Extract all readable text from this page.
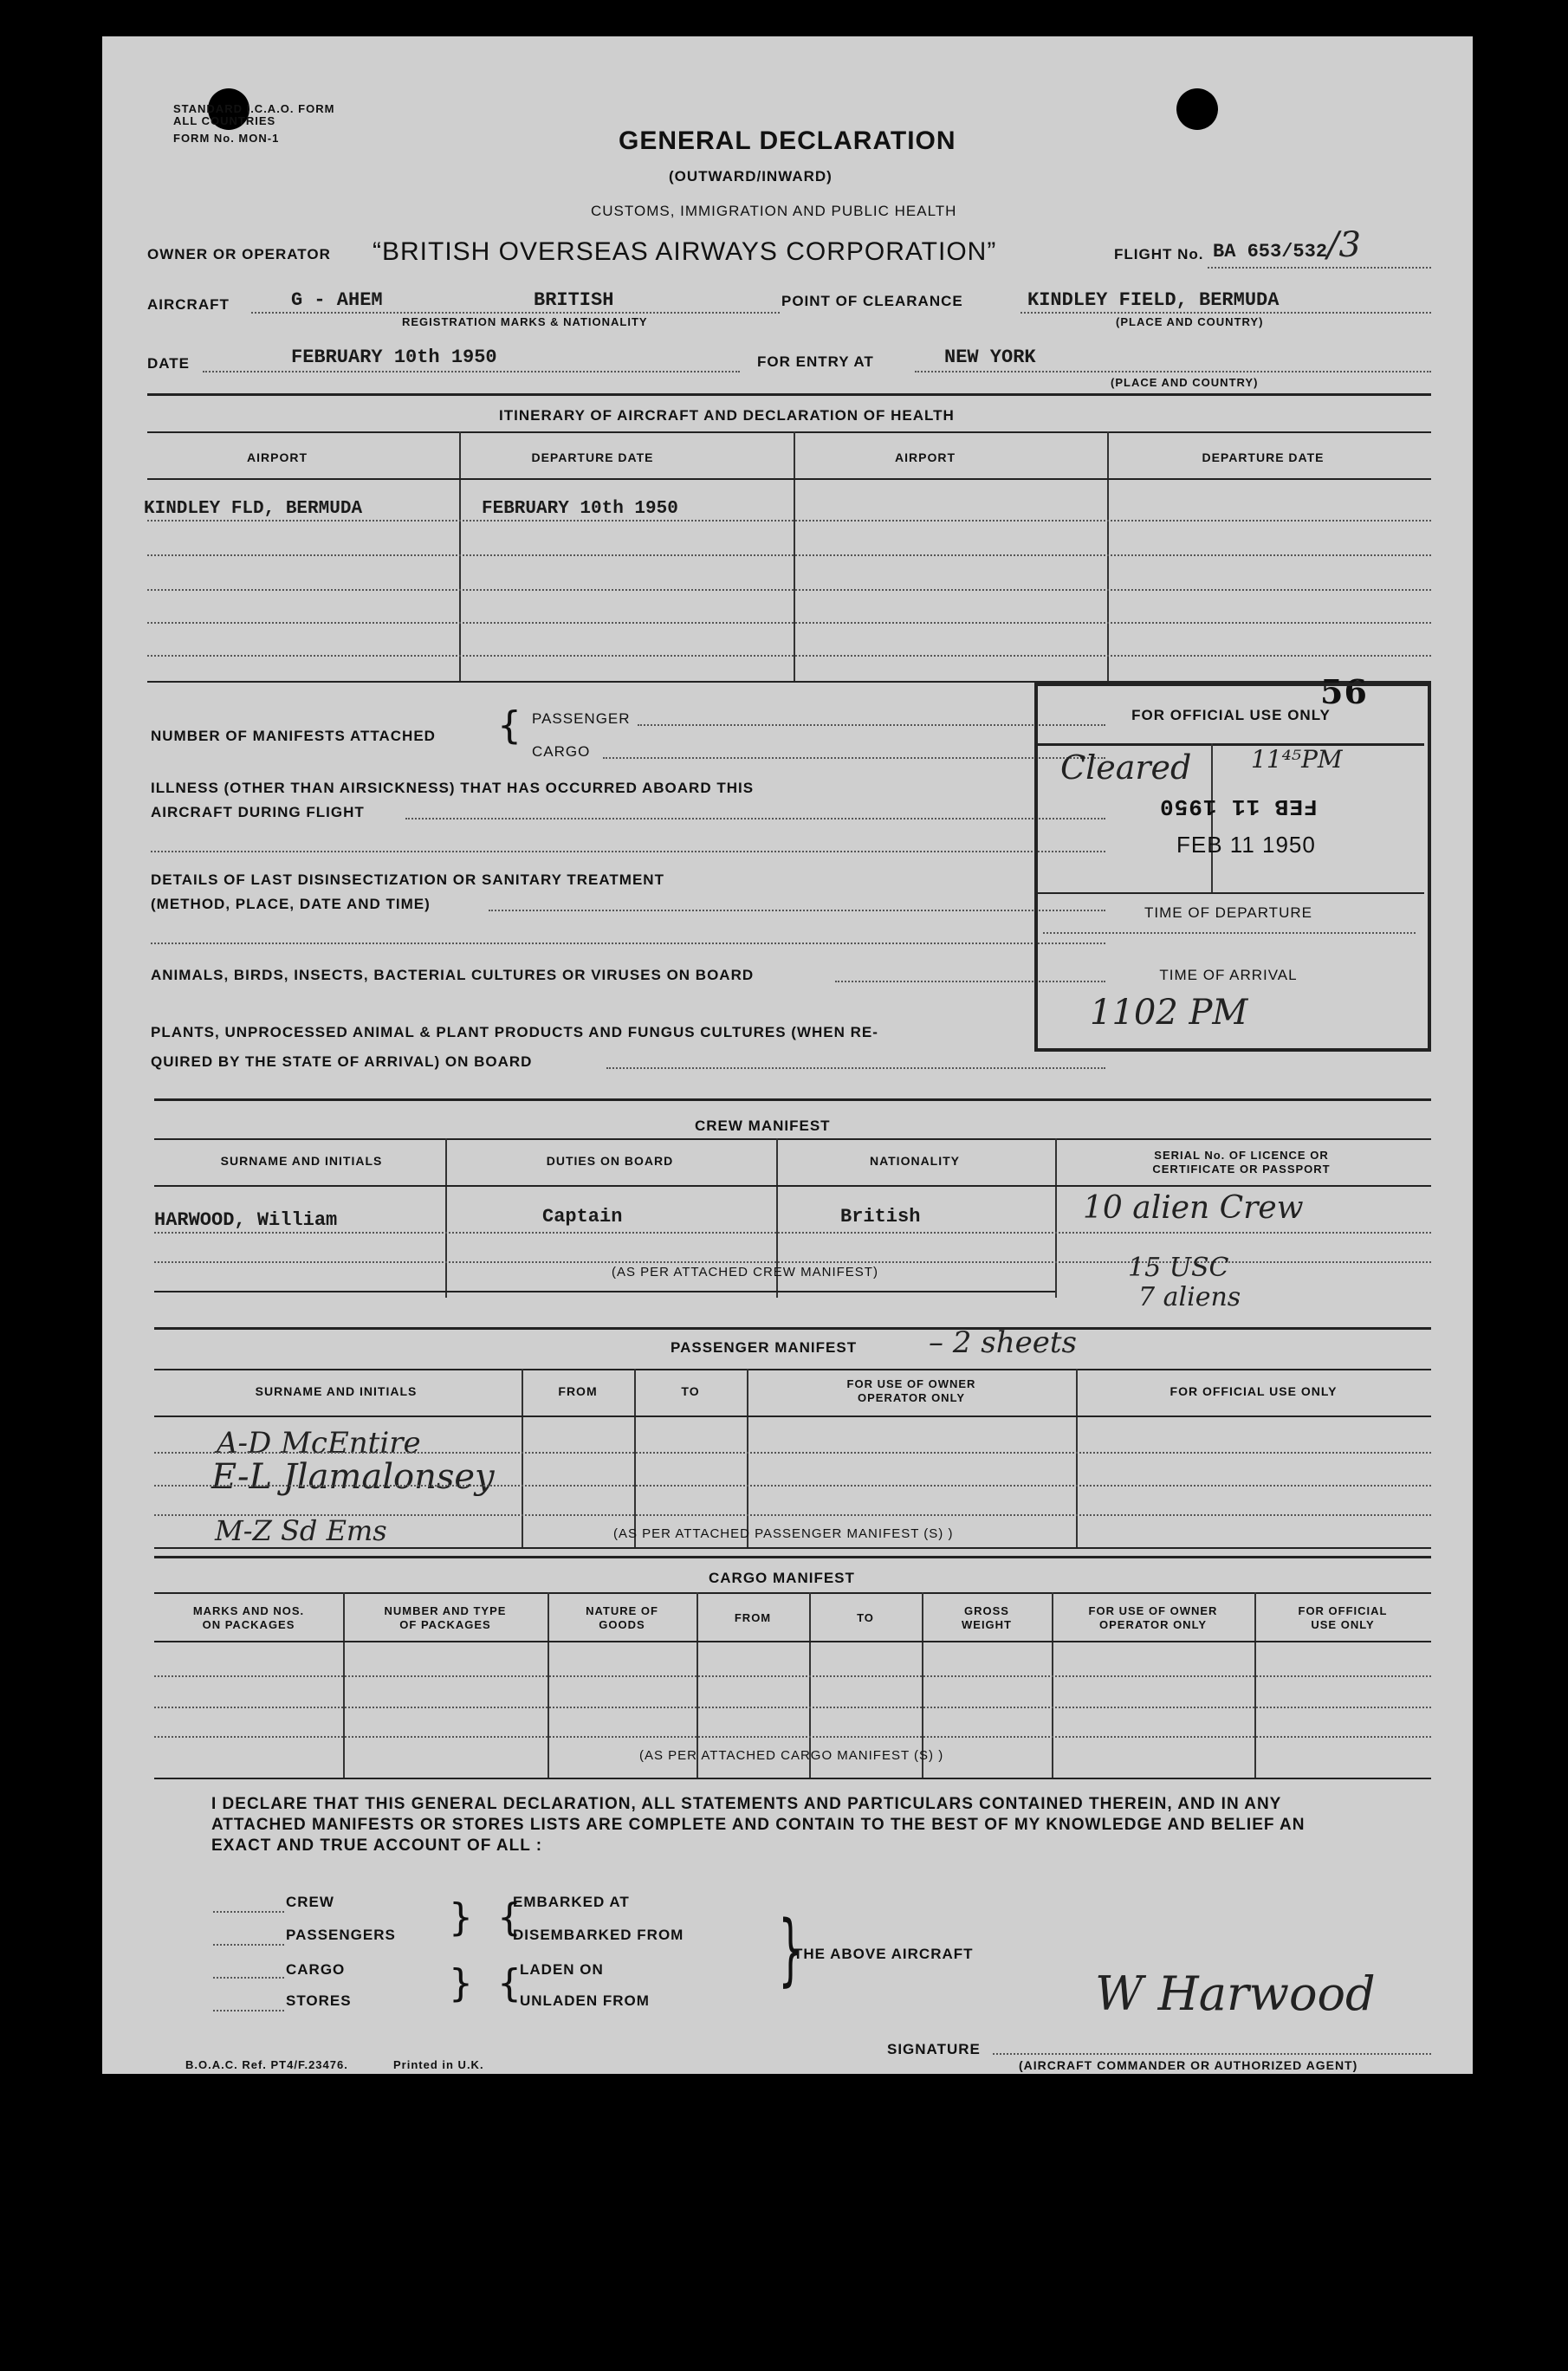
STANDARD I.C.A.O. FORM
ALL COUNTRIES
FORM No. MON-1	GENERAL DECLARATION
(OUTWARD/INWARD)
CUSTOMS, IMMIGRATION AND PUBLIC HEALTH
OWNER OR OPERATOR “BRITISH OVERSEAS AIRWAYS CORPORATION”	FLIGHT No. BA 653/532 /3
AIRCRAFT	G - AHEM	BRITISH
REGISTRATION MARKS & NATIONALITY
POINT OF CLEARANCE	KINDLEY FIELD, BERMUDA
(PLACE AND COUNTRY)
DATE	FEBRUARY 10th 1950	FOR ENTRY AT	NEW YORK
(PLACE AND COUNTRY)
ITINERARY OF AIRCRAFT AND DECLARATION OF HEALTH
AIRPORT	DEPARTURE DATE	AIRPORT	DEPARTURE DATE
KINDLEY FLD, BERMUDA	FEBRUARY 10th 1950
NUMBER OF MANIFESTS ATTACHED { PASSENGER
CARGO
ILLNESS (OTHER THAN AIRSICKNESS) THAT HAS OCCURRED ABOARD THIS
AIRCRAFT DURING FLIGHT
DETAILS OF LAST DISINSECTIZATION OR SANITARY TREATMENT
(METHOD, PLACE, DATE AND TIME)
ANIMALS, BIRDS, INSECTS, BACTERIAL CULTURES OR VIRUSES ON BOARD
PLANTS, UNPROCESSED ANIMAL & PLANT PRODUCTS AND FUNGUS CULTURES (WHEN RE-
QUIRED BY THE STATE OF ARRIVAL) ON BOARD
56
FOR OFFICIAL USE ONLY
Cleared 11⁴⁵PM
FEB 11 1950
FEB 11 1950
TIME OF DEPARTURE
TIME OF ARRIVAL
1102 PM
CREW MANIFEST
SURNAME AND INITIALS	DUTIES ON BOARD	NATIONALITY	SERIAL No. OF LICENCE OR
CERTIFICATE OR PASSPORT
HARWOOD, William	Captain	British	10 alien Crew
15 USC
(AS PER ATTACHED CREW MANIFEST)
7 aliens
PASSENGER MANIFEST – 2 sheets
SURNAME AND INITIALS	FROM	TO
FOR USE OF OWNER
OPERATOR ONLY	FOR OFFICIAL USE ONLY
A-D McEntire
E-L Jlamalonsey
M-Z Sd Ems	(AS PER ATTACHED PASSENGER MANIFEST (S) )
CARGO MANIFEST
MARKS AND NOS.
ON PACKAGES
NUMBER AND TYPE
OF PACKAGES
NATURE OF
GOODS
FROM	TO
GROSS
WEIGHT
FOR USE OF OWNER
OPERATOR ONLY
FOR OFFICIAL
USE ONLY
(AS PER ATTACHED CARGO MANIFEST (S) )
I DECLARE THAT THIS GENERAL DECLARATION, ALL STATEMENTS AND PARTICULARS CONTAINED THEREIN, AND IN ANY
ATTACHED MANIFESTS OR STORES LISTS ARE COMPLETE AND CONTAIN TO THE BEST OF MY KNOWLEDGE AND BELIEF AN
EXACT AND TRUE ACCOUNT OF ALL :
CREW
PASSENGERS
CARGO
STORES
}
}
{
{
EMBARKED AT
DISEMBARKED FROM
LADEN ON
UNLADEN FROM
}
THE ABOVE AIRCRAFT
W Harwood
SIGNATURE
(AIRCRAFT COMMANDER OR AUTHORIZED AGENT)
B.O.A.C. Ref. PT4/F.23476.	Printed in U.K.
